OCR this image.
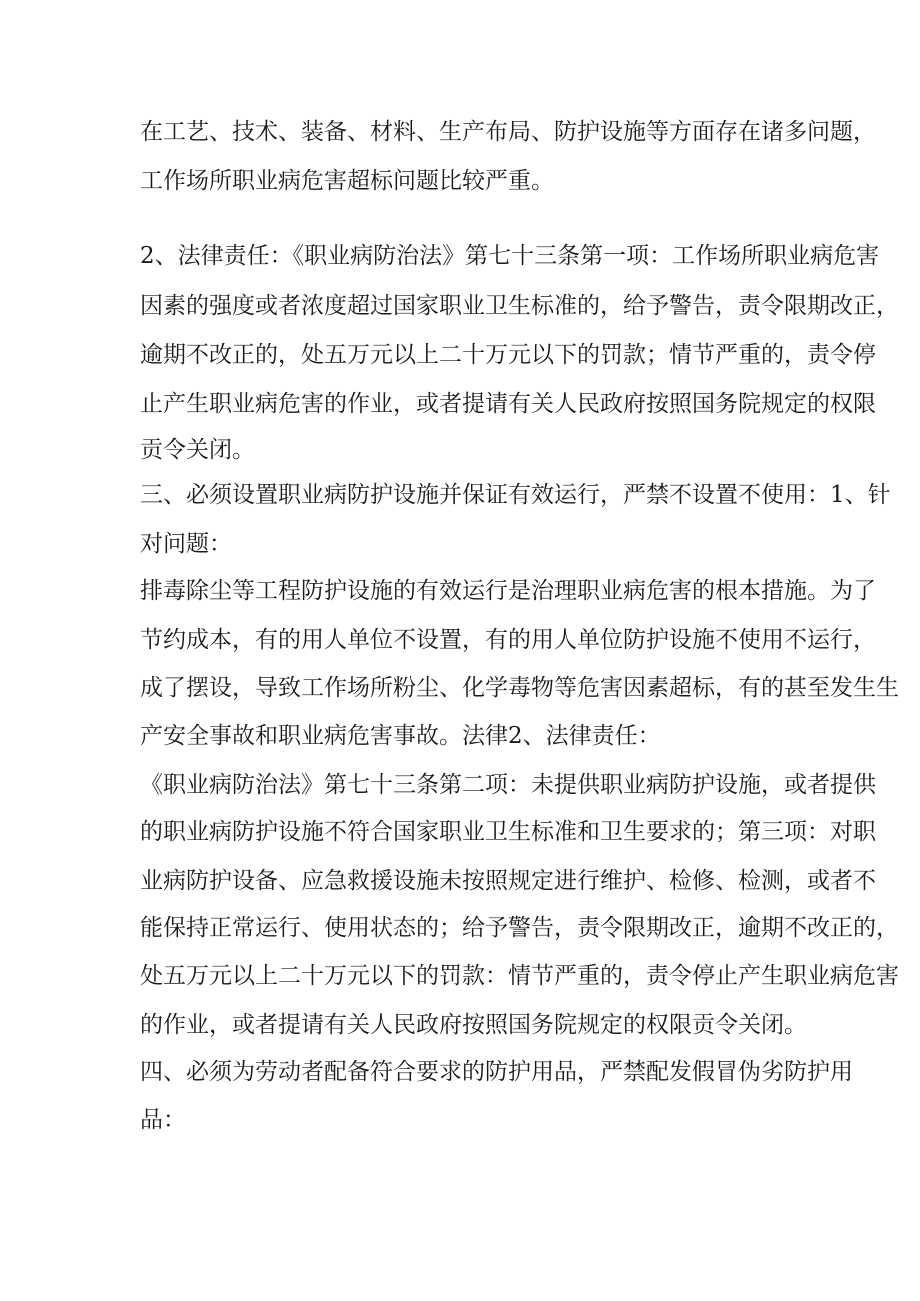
在工艺、技术、装备、材料、生产布局、防护设施等方面存在诸多问题，
工作场所职业病危害超标问题比较严重。
2、法律责任：《职业病防治法》第七十三条第一项：工作场所职业病危害
因素的强度或者浓度超过国家职业卫生标准的，给予警告，责令限期改正，
逾期不改正的，处五万元以上二十万元以下的罚款；情节严重的，责令停
止产生职业病危害的作业，或者提请有关人民政府按照国务院规定的权限
贡令关闭。
三、必须设置职业病防护设施并保证有效运行，严禁不设置不使用：1、针
对问题：
排毒除尘等工程防护设施的有效运行是治理职业病危害的根本措施。为了
节约成本，有的用人单位不设置，有的用人单位防护设施不使用不运行，
成了摆设，导致工作场所粉尘、化学毒物等危害因素超标，有的甚至发生生
产安全事故和职业病危害事故。法律2、法律责任：
《职业病防治法》第七十三条第二项：未提供职业病防护设施，或者提供
的职业病防护设施不符合国家职业卫生标准和卫生要求的；第三项：对职
业病防护设备、应急救援设施未按照规定进行维护、检修、检测，或者不
能保持正常运行、使用状态的；给予警告，责令限期改正，逾期不改正的，
处五万元以上二十万元以下的罚款：情节严重的，责令停止产生职业病危害
的作业，或者提请有关人民政府按照国务院规定的权限贡令关闭。
四、必须为劳动者配备符合要求的防护用品，严禁配发假冒伪劣防护用
品：
